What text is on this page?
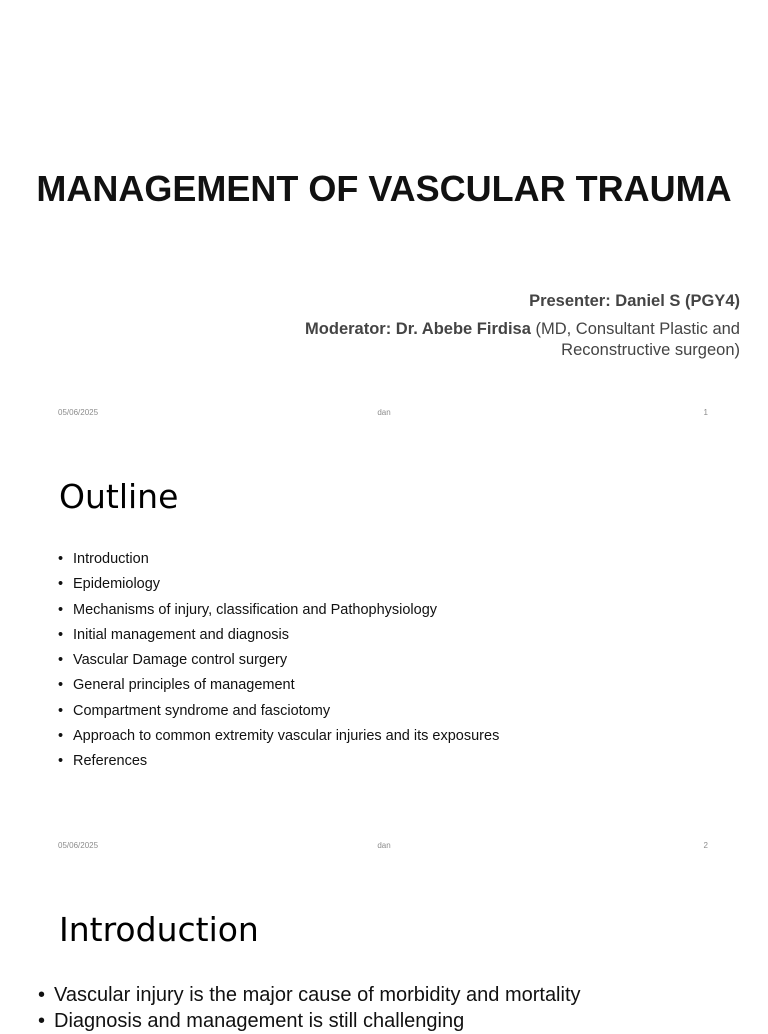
MANAGEMENT OF VASCULAR TRAUMA
Presenter: Daniel S (PGY4)
Moderator: Dr. Abebe Firdisa (MD, Consultant Plastic and Reconstructive surgeon)
05/06/2025	dan	1
Outline
• Introduction
• Epidemiology
• Mechanisms of injury, classification and Pathophysiology
• Initial management and diagnosis
• Vascular Damage control surgery
• General principles of management
• Compartment syndrome and fasciotomy
• Approach to common extremity vascular injuries and its exposures
• References
05/06/2025	dan	2
Introduction
• Vascular injury is the major cause of morbidity and mortality
• Diagnosis and management is still challenging
